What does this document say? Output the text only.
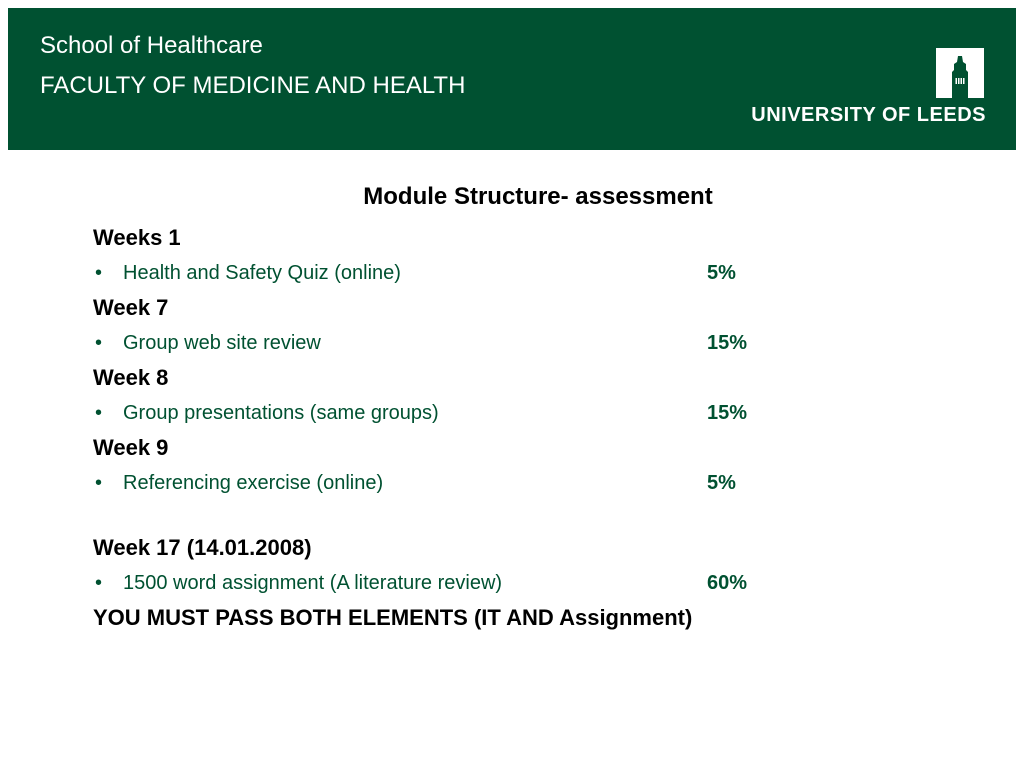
School of Healthcare
FACULTY OF MEDICINE AND HEALTH
UNIVERSITY OF LEEDS
Module Structure- assessment
Weeks 1
• Health and Safety Quiz (online)	5%
Week 7
• Group web site review	15%
Week 8
• Group presentations (same groups)	15%
Week 9
• Referencing exercise (online)	5%
Week 17 (14.01.2008)
• 1500 word assignment (A literature review)	60%
YOU MUST PASS BOTH ELEMENTS (IT AND Assignment)
